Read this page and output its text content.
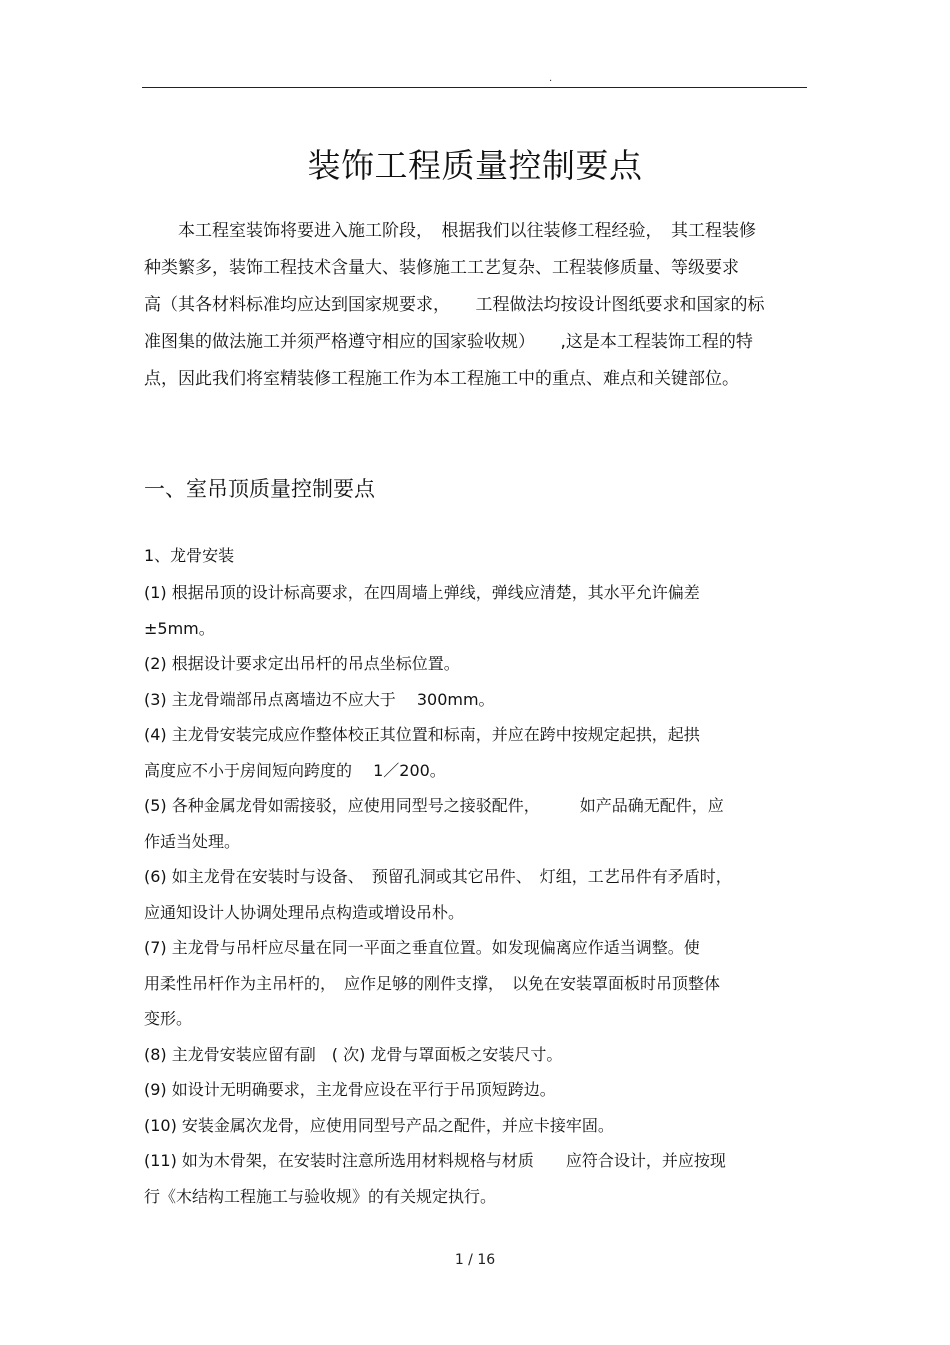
.
装饰工程质量控制要点

　　本工程室装饰将要进入施工阶段，　根据我们以往装修工程经验，　其工程装修
种类繁多，装饰工程技术含量大、装修施工工艺复杂、工程装修质量、等级要求
高（其各材料标准均应达到国家规要求，　　工程做法均按设计图纸要求和国家的标
准图集的做法施工并须严格遵守相应的国家验收规）　　,这是本工程装饰工程的特
点，因此我们将室精装修工程施工作为本工程施工中的重点、难点和关键部位。

一、室吊顶质量控制要点
1、龙骨安装
(1) 根据吊顶的设计标高要求，在四周墙上弹线，弹线应清楚，其水平允许偏差
±5mm。
(2) 根据设计要求定出吊杆的吊点坐标位置。
(3) 主龙骨端部吊点离墙边不应大于　 300mm。
(4) 主龙骨安装完成应作整体校正其位置和标南，并应在跨中按规定起拱，起拱
高度应不小于房间短向跨度的　 1／200。
(5) 各种金属龙骨如需接驳，应使用同型号之接驳配件，　　　如产品确无配件，应
作适当处理。
(6) 如主龙骨在安装时与设备、　预留孔洞或其它吊件、　灯组，工艺吊件有矛盾时，
应通知设计人协调处理吊点构造或增设吊朴。
(7) 主龙骨与吊杆应尽量在同一平面之垂直位置。如发现偏离应作适当调整。使
用柔性吊杆作为主吊杆的，　应作足够的刚件支撑，　以免在安装罩面板时吊顶整体
变形。
(8) 主龙骨安装应留有副　( 次) 龙骨与罩面板之安装尺寸。
(9) 如设计无明确要求，主龙骨应设在平行于吊顶短跨边。
(10) 安装金属次龙骨，应使用同型号产品之配件，并应卡接牢固。
(11) 如为木骨架，在安装时注意所选用材料规格与材质　　应符合设计，并应按现
行《木结构工程施工与验收规》的有关规定执行。
1 / 16
